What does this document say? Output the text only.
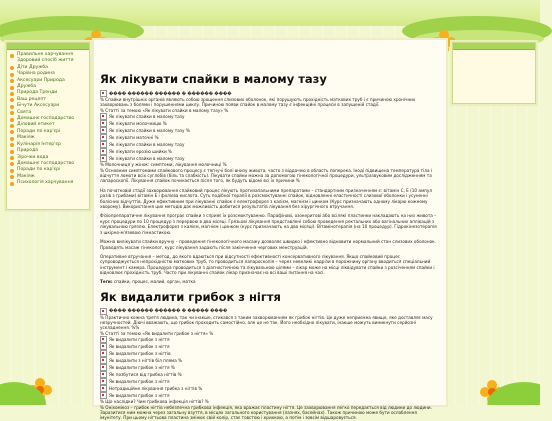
Правильне харчування
Здоровий спосіб життя
Діти Дружба
Чарівна родина
Аксесуари Природа
Дружба
Природа Тренди
Ваш рецепт
Бічути Аксесуари
Свята
Домашнє господарство
Діловий етикет
Поради по кар'єрі
Макіяж
Кулінарія Інтер'єр
Природа
Зірочки вода
Домашнє господарство
Поради по кар'єрі
Макіяж
Психологія харчування
Як лікувати спайки в малому тазу
���� ������ ������ � ������ ����

% Спайки внутрішніх органів являють собою зрощення слизових оболонок, які порушують прохідність маткових труб і є причиною хронічних захворювань з болями і порушеннями циклу. Причиною появи спайок в малому тазу є інфекційні процеси в запущеній стадії.

% Статті за темою «Як лікувати спайки в малому тазу» %

Як лікувати спайки в малому тазу
Як лікувати молочницю %
Як лікувати спайки в малому тазу %
Як лікувати маточні %
Як лікувати спайки в малому тазу
Як лікувати ерозію шийки %
Як лікувати спайки в малому тазу

% Молочниця у жінок: симптоми, лікування молочниці %

% Основним симптомами спайкового процесу є тягнучі болі внизу живота, часто з віддачею в область поперека. Іноді підвищена температура тіла і відчуття ломоти всіх суглобів (біль та слабкість). Лікувати спайки можна за допомогою гінекологічної процедури, ультразвуковим дослідженням та лапароскопії. Лікування спайок починається після того, як будуть відомі всі їх причини %

На початковій стадії захворювання спайковий процес лікують протизапальними препаратами – стандартним призначенням є: вітамін C, E (10 ампул разів з грибами) вітамін E і фолієва кислота. Суть подібної терапії в розсмоктуванні спайок, відновленні еластичності слизової оболонки і усуненні болісних відчуттів. Дуже ефективним при лікуванні спайок є електрофорез з калієм, магнієм і цинком (Курс призначають одному лікарю кожному хворому). Використання цих методів дає можливість добитися результатів лікування без хірургічного втручання.

Фізіопрепаратичне лікування програє спайки з сприяє їх розсмоктуванню. Парафінові, озокеритові або всілякі пластинки накладають на низ живота – курс процедури по 10 процедур з перервою в два місяці. Грязьові лікування представлені собою проведення ректальних або вагінальних аплікацій з лікувальною грязлю. Електрофорез з калієм, магнієм і цинком (курс призначають на два місяці). Вітамінотерапія (на 10 процедур). Гідрокінезотерапія з шкірно-м'язевою гімнастикою.

Можна вилікувати спайки вручну – проведення гінекологічного масажу дозволяє швидко і ефективно відновити нормальний стан слизових оболонок. Проводять масаж гінеколог, курс лікування задають після закінчення чергових менструацій.

Оперативне втручання – метод, до якого вдаються при відсутності ефективності консервативного лікування. Якщо спайковий процес супроводжується непрохідністю маткових труб, то проводиться лапароскопія – через невеликі надрізи в порожнину органу вводиться спеціальний інструмент і камера. Процедура проводиться з діагностичною та лікувальною цілями – лікар може на місці ліквідувати спайки з розсіченням спайки і відновлює прохідність труб. Часто при лікуванні спайок лікар призначає на всі ваші питання на часі.

Теги: спайки, процес, малий, орган, матка
Як видалити грибок з нігтя
���� ������ ������ � ����� ����

% Практично кожна третя людина, так чи інакше, стикався з таким захворюванням як грибок нігтів. Це дуже неприємна явище, яке доставляє масу незручностей. Діючі вважають, що грибок проходить самостійно, але це не так. Його необхідно лікувати, інакше можуть виникнути серйозні ускладнення. %%

% Статті за темою «Як видалити грибок з нігтя» %

Як видалити грибок з нігтя
Як видалити грибок з нігтя
Як видалити грибок з нігтів
Як видалити з нігтів біл пляма %
Як видалити грибок з нігтя %
Як позбутися від грибка нігтів %
Як видалити грибок з нігтя
Нетрадиційне лікування грибка з нігтів %
Як видалити грибок з нігтя

% Що наслідки? Чим грибкова інфекція нігтів? %

% Оніхомікоз – грибок нігтів небезпечна грибкова інфекція, яка вражає пластину нігтя. Це захворювання легко передається від людини до людини. Заразитися ним можна через загальну взуття, в місцях загального користування (лазнях, басейнах). Також причиною може бути ослаблення імунітету. При цьому нігтьова пластина змінює свій колір, стає товстою і крихкою, а потім і зовсім відшаровується.
